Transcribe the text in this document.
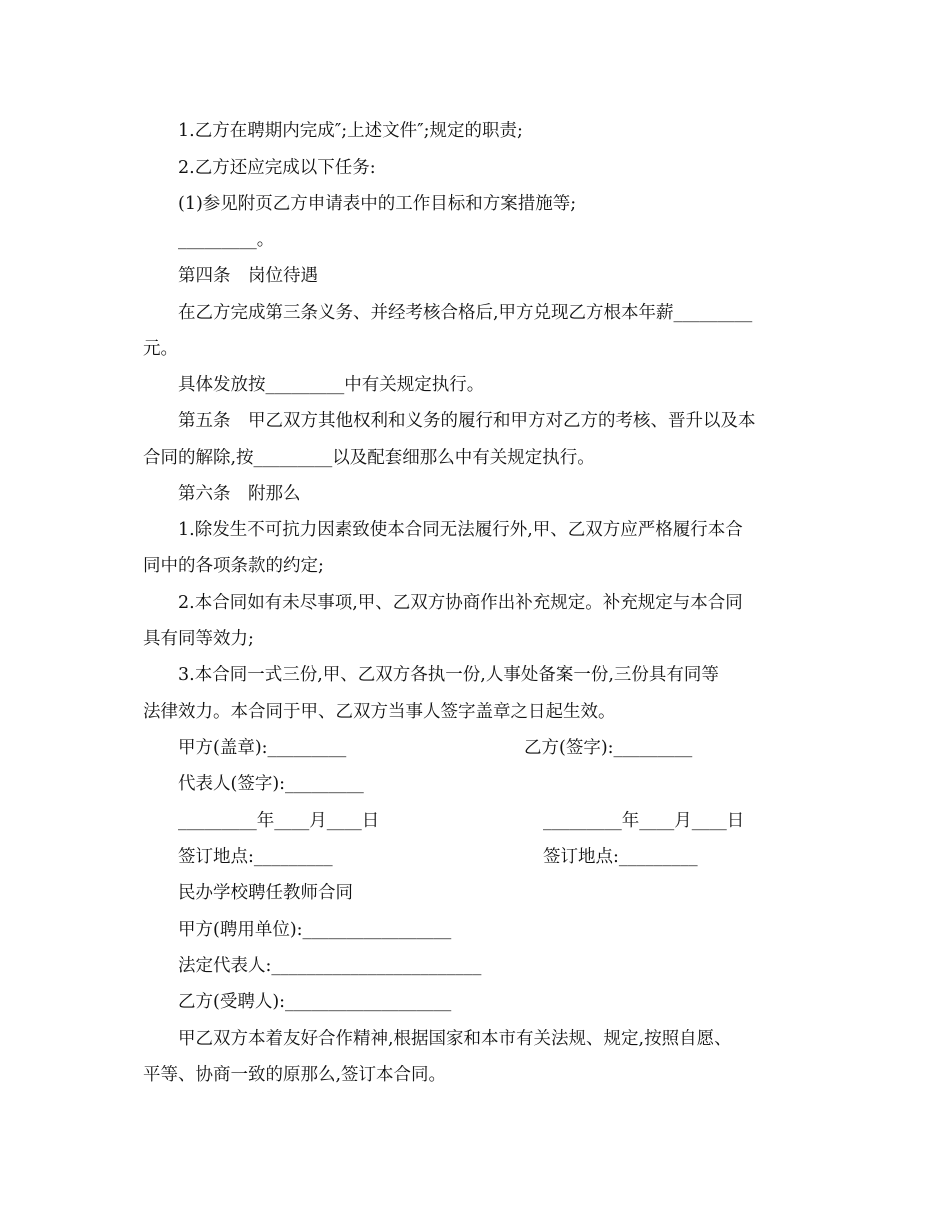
1.乙方在聘期内完成″;上述文件″;规定的职责;
2.乙方还应完成以下任务:
(1)参见附页乙方申请表中的工作目标和方案措施等;
_________。
第四条　岗位待遇
在乙方完成第三条义务、并经考核合格后,甲方兑现乙方根本年薪_________
元。
具体发放按_________中有关规定执行。
第五条　甲乙双方其他权利和义务的履行和甲方对乙方的考核、晋升以及本
合同的解除,按_________以及配套细那么中有关规定执行。
第六条　附那么
1.除发生不可抗力因素致使本合同无法履行外,甲、乙双方应严格履行本合
同中的各项条款的约定;
2.本合同如有未尽事项,甲、乙双方协商作出补充规定。补充规定与本合同
具有同等效力;
3.本合同一式三份,甲、乙双方各执一份,人事处备案一份,三份具有同等
法律效力。本合同于甲、乙双方当事人签字盖章之日起生效。
甲方(盖章):_________	乙方(签字):_________
代表人(签字):_________
_________年____月____日	_________年____月____日
签订地点:_________	签订地点:_________
民办学校聘任教师合同
甲方(聘用单位):_________________
法定代表人:________________________
乙方(受聘人):___________________
甲乙双方本着友好合作精神,根据国家和本市有关法规、规定,按照自愿、
平等、协商一致的原那么,签订本合同。
